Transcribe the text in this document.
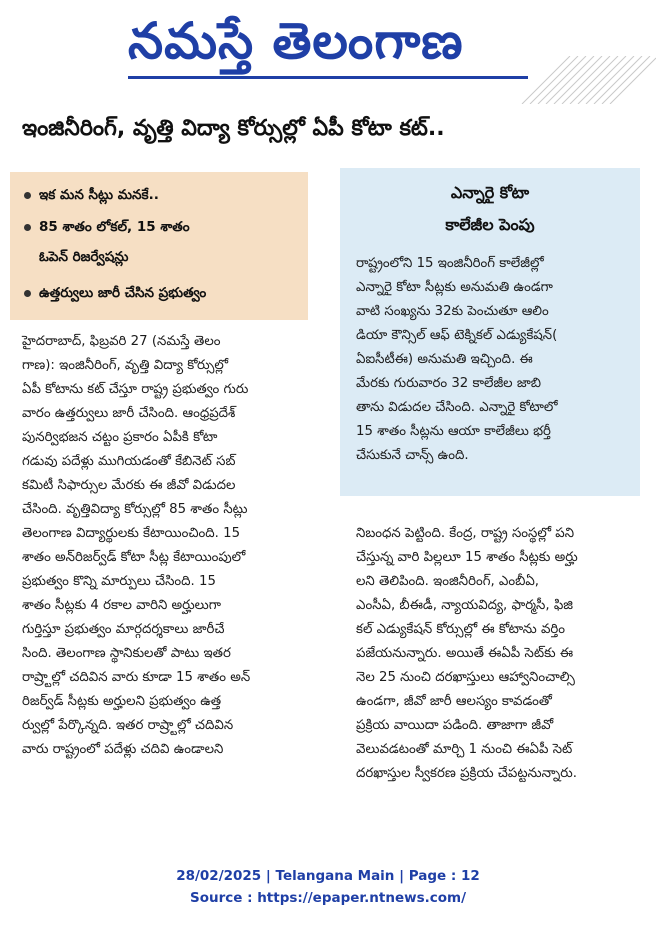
నమస్తే తెలంగాణ
ఇంజినీరింగ్, వృత్తి విద్యా కోర్సుల్లో ఏపీ కోటా కట్..
ఇక మన సీట్లు మనకే..
85 శాతం లోకల్, 15 శాతం
ఓపెన్ రిజర్వేషన్లు
ఉత్తర్వులు జారీ చేసిన ప్రభుత్వం
ఎన్నారై కోటా
కాలేజీల పెంపు
రాష్ట్రంలోని 15 ఇంజినీరింగ్ కాలేజీల్లో
ఎన్నారై కోటా సీట్లకు అనుమతి ఉండగా
వాటి సంఖ్యను 32కు పెంచుతూ ఆలిం
డియా కౌన్సిల్ ఆఫ్ టెక్నికల్ ఎడ్యుకేషన్(
ఏఐసీటీఈ) అనుమతి ఇచ్చింది. ఈ
మేరకు గురువారం 32 కాలేజీల జాబి
తాను విడుదల చేసింది. ఎన్నారై కోటాలో
15 శాతం సీట్లను ఆయా కాలేజీలు భర్తీ
చేసుకునే చాన్స్ ఉంది.
హైదరాబాద్, ఫిబ్రవరి 27 (నమస్తే తెలం
గాణ): ఇంజినీరింగ్, వృత్తి విద్యా కోర్సుల్లో
ఏపీ కోటాను కట్ చేస్తూ రాష్ట్ర ప్రభుత్వం గురు
వారం ఉత్తర్వులు జారీ చేసింది. ఆంధ్రప్రదేశ్
పునర్విభజన చట్టం ప్రకారం ఏపీకి కోటా
గడువు పదేళ్లు ముగియడంతో కేబినెట్ సబ్
కమిటీ సిఫార్సుల మేరకు ఈ జీవో విడుదల
చేసింది. వృత్తివిద్యా కోర్సుల్లో 85 శాతం సీట్లు
తెలంగాణ విద్యార్థులకు కేటాయించింది. 15
శాతం అన్‌రిజర్వ్‌డ్ కోటా సీట్ల కేటాయింపులో
ప్రభుత్వం కొన్ని మార్పులు చేసింది. 15
శాతం సీట్లకు 4 రకాల వారిని అర్హులుగా
గుర్తిస్తూ ప్రభుత్వం మార్గదర్శకాలు జారీచే
సింది. తెలంగాణ స్థానికులతో పాటు ఇతర
రాష్ర్టాల్లో చదివిన వారు కూడా 15 శాతం అన్
రిజర్వ్‌డ్ సీట్లకు అర్హులని ప్రభుత్వం ఉత్త
ర్వుల్లో పేర్కొన్నది. ఇతర రాష్ర్టాల్లో చదివిన
వారు రాష్ట్రంలో పదేళ్లు చదివి ఉండాలని
నిబంధన పెట్టింది. కేంద్ర, రాష్ట్ర సంస్థల్లో పని
చేస్తున్న వారి పిల్లలూ 15 శాతం సీట్లకు అర్హు
లని తెలిపింది. ఇంజినీరింగ్, ఎంబీఏ,
ఎంసీఏ, బీఈడీ, న్యాయవిద్య, ఫార్మసీ, ఫిజి
కల్ ఎడ్యుకేషన్ కోర్సుల్లో ఈ కోటాను వర్తిం
పజేయనున్నారు. అయితే ఈఏపీ సెట్‌కు ఈ
నెల 25 నుంచి దరఖాస్తులు ఆహ్వానించాల్సి
ఉండగా, జీవో జారీ ఆలస్యం కావడంతో
ప్రక్రియ వాయిదా పడింది. తాజాగా జీవో
వెలువడటంతో మార్చి 1 నుంచి ఈఏపీ సెట్
దరఖాస్తుల స్వీకరణ ప్రక్రియ చేపట్టనున్నారు.
28/02/2025 | Telangana Main | Page : 12
Source : https://epaper.ntnews.com/
